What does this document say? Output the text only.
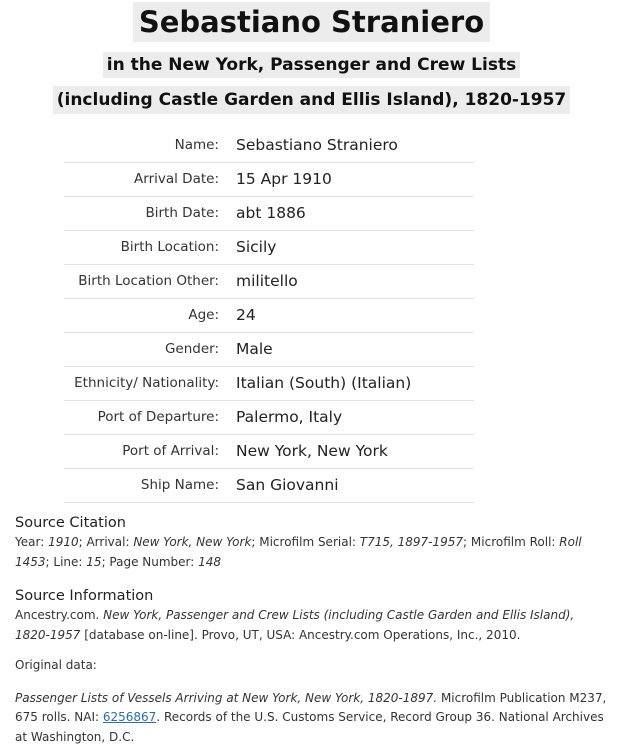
Sebastiano Straniero
in the New York, Passenger and Crew Lists
(including Castle Garden and Ellis Island), 1820-1957
Name: Sebastiano Straniero
Arrival Date: 15 Apr 1910
Birth Date: abt 1886
Birth Location: Sicily
Birth Location Other: militello
Age: 24
Gender: Male
Ethnicity/ Nationality: Italian (South) (Italian)
Port of Departure: Palermo, Italy
Port of Arrival: New York, New York
Ship Name: San Giovanni
Source Citation
Year: 1910; Arrival: New York, New York; Microfilm Serial: T715, 1897-1957; Microfilm Roll: Roll 1453; Line: 15; Page Number: 148
Source Information
Ancestry.com. New York, Passenger and Crew Lists (including Castle Garden and Ellis Island), 1820-1957 [database on-line]. Provo, UT, USA: Ancestry.com Operations, Inc., 2010.

Original data:

Passenger Lists of Vessels Arriving at New York, New York, 1820-1897. Microfilm Publication M237, 675 rolls. NAI: 6256867. Records of the U.S. Customs Service, Record Group 36. National Archives at Washington, D.C.
